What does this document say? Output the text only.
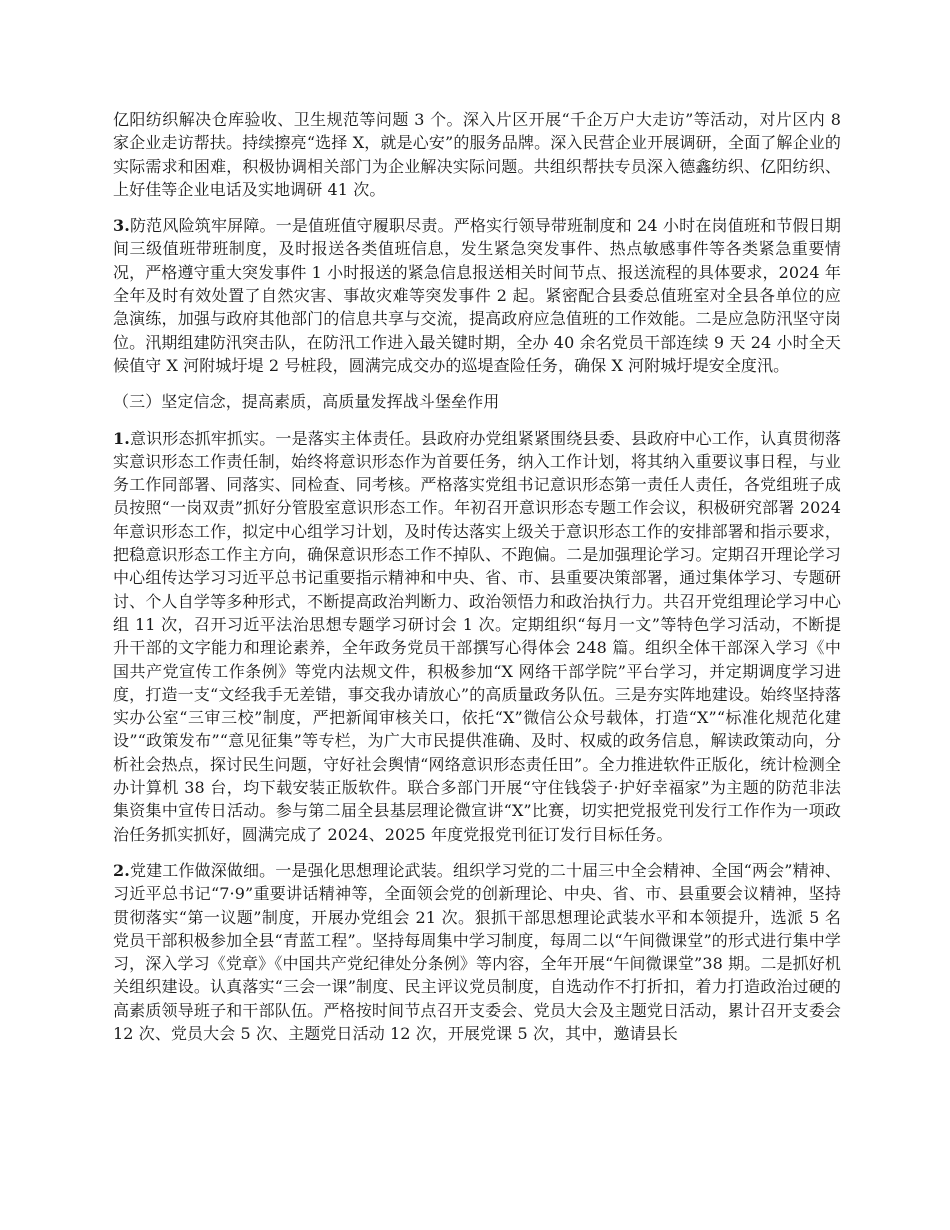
亿阳纺织解决仓库验收、卫生规范等问题 3 个。深入片区开展“千企万户大走访”等活动，对片区内 8 家企业走访帮扶。持续擦亮“选择 X，就是心安”的服务品牌。深入民营企业开展调研，全面了解企业的实际需求和困难，积极协调相关部门为企业解决实际问题。共组织帮扶专员深入德鑫纺织、亿阳纺织、上好佳等企业电话及实地调研 41 次。

3.防范风险筑牢屏障。一是值班值守履职尽责。严格实行领导带班制度和 24 小时在岗值班和节假日期间三级值班带班制度，及时报送各类值班信息，发生紧急突发事件、热点敏感事件等各类紧急重要情况，严格遵守重大突发事件 1 小时报送的紧急信息报送相关时间节点、报送流程的具体要求，2024 年全年及时有效处置了自然灾害、事故灾难等突发事件 2 起。紧密配合县委总值班室对全县各单位的应急演练，加强与政府其他部门的信息共享与交流，提高政府应急值班的工作效能。二是应急防汛坚守岗位。汛期组建防汛突击队，在防汛工作进入最关键时期，全办 40 余名党员干部连续 9 天 24 小时全天候值守 X 河附城圩堤 2 号桩段，圆满完成交办的巡堤查险任务，确保 X 河附城圩堤安全度汛。

（三）坚定信念，提高素质，高质量发挥战斗堡垒作用

1.意识形态抓牢抓实。一是落实主体责任。县政府办党组紧紧围绕县委、县政府中心工作，认真贯彻落实意识形态工作责任制，始终将意识形态作为首要任务，纳入工作计划，将其纳入重要议事日程，与业务工作同部署、同落实、同检查、同考核。严格落实党组书记意识形态第一责任人责任，各党组班子成员按照“一岗双责”抓好分管股室意识形态工作。年初召开意识形态专题工作会议，积极研究部署 2024 年意识形态工作，拟定中心组学习计划，及时传达落实上级关于意识形态工作的安排部署和指示要求，把稳意识形态工作主方向，确保意识形态工作不掉队、不跑偏。二是加强理论学习。定期召开理论学习中心组传达学习习近平总书记重要指示精神和中央、省、市、县重要决策部署，通过集体学习、专题研讨、个人自学等多种形式，不断提高政治判断力、政治领悟力和政治执行力。共召开党组理论学习中心组 11 次，召开习近平法治思想专题学习研讨会 1 次。定期组织“每月一文”等特色学习活动，不断提升干部的文字能力和理论素养，全年政务党员干部撰写心得体会 248 篇。组织全体干部深入学习《中国共产党宣传工作条例》等党内法规文件，积极参加“X 网络干部学院”平台学习，并定期调度学习进度，打造一支“文经我手无差错，事交我办请放心”的高质量政务队伍。三是夯实阵地建设。始终坚持落实办公室“三审三校”制度，严把新闻审核关口，依托“X”微信公众号载体，打造“X”“标准化规范化建设”“政策发布”“意见征集”等专栏，为广大市民提供准确、及时、权威的政务信息，解读政策动向，分析社会热点，探讨民生问题，守好社会舆情“网络意识形态责任田”。全力推进软件正版化，统计检测全办计算机 38 台，均下载安装正版软件。联合多部门开展“守住钱袋子·护好幸福家”为主题的防范非法集资集中宣传日活动。参与第二届全县基层理论微宣讲“X”比赛，切实把党报党刊发行工作作为一项政治任务抓实抓好，圆满完成了 2024、2025 年度党报党刊征订发行目标任务。

2.党建工作做深做细。一是强化思想理论武装。组织学习党的二十届三中全会精神、全国“两会”精神、习近平总书记“7·9”重要讲话精神等，全面领会党的创新理论、中央、省、市、县重要会议精神，坚持贯彻落实“第一议题”制度，开展办党组会 21 次。狠抓干部思想理论武装水平和本领提升，选派 5 名党员干部积极参加全县“青蓝工程”。坚持每周集中学习制度，每周二以“午间微课堂”的形式进行集中学习，深入学习《党章》《中国共产党纪律处分条例》等内容，全年开展“午间微课堂”38 期。二是抓好机关组织建设。认真落实“三会一课”制度、民主评议党员制度，自选动作不打折扣，着力打造政治过硬的高素质领导班子和干部队伍。严格按时间节点召开支委会、党员大会及主题党日活动，累计召开支委会 12 次、党员大会 5 次、主题党日活动 12 次，开展党课 5 次，其中，邀请县长
